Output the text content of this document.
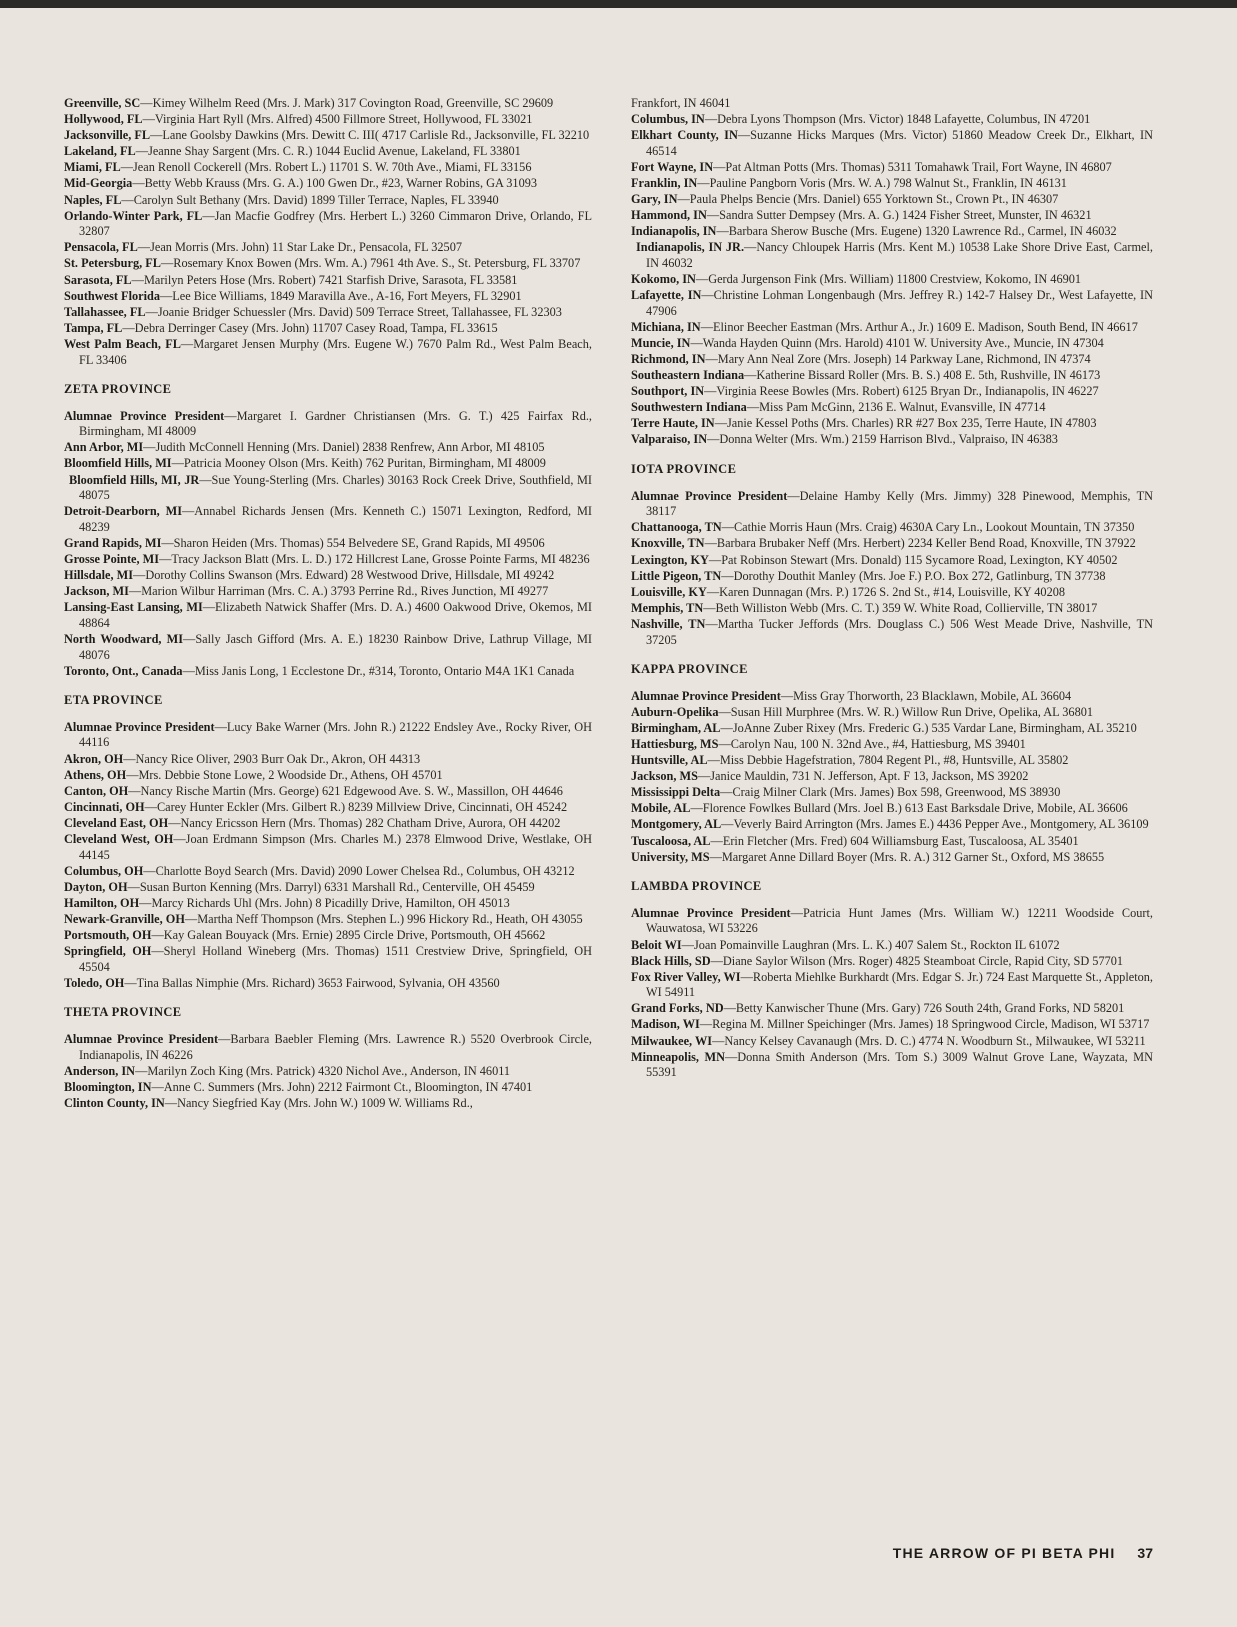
Greenville, SC—Kimey Wilhelm Reed (Mrs. J. Mark) 317 Covington Road, Greenville, SC 29609
Hollywood, FL—Virginia Hart Ryll (Mrs. Alfred) 4500 Fillmore Street, Hollywood, FL 33021
Jacksonville, FL—Lane Goolsby Dawkins (Mrs. Dewitt C. III( 4717 Carlisle Rd., Jacksonville, FL 32210
Lakeland, FL—Jeanne Shay Sargent (Mrs. C. R.) 1044 Euclid Avenue, Lakeland, FL 33801
Miami, FL—Jean Renoll Cockerell (Mrs. Robert L.) 11701 S. W. 70th Ave., Miami, FL 33156
Mid-Georgia—Betty Webb Krauss (Mrs. G. A.) 100 Gwen Dr., #23, Warner Robins, GA 31093
Naples, FL—Carolyn Sult Bethany (Mrs. David) 1899 Tiller Terrace, Naples, FL 33940
Orlando-Winter Park, FL—Jan Macfie Godfrey (Mrs. Herbert L.) 3260 Cimmaron Drive, Orlando, FL 32807
Pensacola, FL—Jean Morris (Mrs. John) 11 Star Lake Dr., Pensacola, FL 32507
St. Petersburg, FL—Rosemary Knox Bowen (Mrs. Wm. A.) 7961 4th Ave. S., St. Petersburg, FL 33707
Sarasota, FL—Marilyn Peters Hose (Mrs. Robert) 7421 Starfish Drive, Sarasota, FL 33581
Southwest Florida—Lee Bice Williams, 1849 Maravilla Ave., A-16, Fort Meyers, FL 32901
Tallahassee, FL—Joanie Bridger Schuessler (Mrs. David) 509 Terrace Street, Tallahassee, FL 32303
Tampa, FL—Debra Derringer Casey (Mrs. John) 11707 Casey Road, Tampa, FL 33615
West Palm Beach, FL—Margaret Jensen Murphy (Mrs. Eugene W.) 7670 Palm Rd., West Palm Beach, FL 33406
ZETA PROVINCE
Alumnae Province President—Margaret I. Gardner Christiansen (Mrs. G. T.) 425 Fairfax Rd., Birmingham, MI 48009
Ann Arbor, MI—Judith McConnell Henning (Mrs. Daniel) 2838 Renfrew, Ann Arbor, MI 48105
Bloomfield Hills, MI—Patricia Mooney Olson (Mrs. Keith) 762 Puritan, Birmingham, MI 48009
Bloomfield Hills, MI, JR—Sue Young-Sterling (Mrs. Charles) 30163 Rock Creek Drive, Southfield, MI 48075
Detroit-Dearborn, MI—Annabel Richards Jensen (Mrs. Kenneth C.) 15071 Lexington, Redford, MI 48239
Grand Rapids, MI—Sharon Heiden (Mrs. Thomas) 554 Belvedere SE, Grand Rapids, MI 49506
Grosse Pointe, MI—Tracy Jackson Blatt (Mrs. L. D.) 172 Hillcrest Lane, Grosse Pointe Farms, MI 48236
Hillsdale, MI—Dorothy Collins Swanson (Mrs. Edward) 28 Westwood Drive, Hillsdale, MI 49242
Jackson, MI—Marion Wilbur Harriman (Mrs. C. A.) 3793 Perrine Rd., Rives Junction, MI 49277
Lansing-East Lansing, MI—Elizabeth Natwick Shaffer (Mrs. D. A.) 4600 Oakwood Drive, Okemos, MI 48864
North Woodward, MI—Sally Jasch Gifford (Mrs. A. E.) 18230 Rainbow Drive, Lathrup Village, MI 48076
Toronto, Ont., Canada—Miss Janis Long, 1 Ecclestone Dr., #314, Toronto, Ontario M4A 1K1 Canada
ETA PROVINCE
Alumnae Province President—Lucy Bake Warner (Mrs. John R.) 21222 Endsley Ave., Rocky River, OH 44116
Akron, OH—Nancy Rice Oliver, 2903 Burr Oak Dr., Akron, OH 44313
Athens, OH—Mrs. Debbie Stone Lowe, 2 Woodside Dr., Athens, OH 45701
Canton, OH—Nancy Rische Martin (Mrs. George) 621 Edgewood Ave. S. W., Massillon, OH 44646
Cincinnati, OH—Carey Hunter Eckler (Mrs. Gilbert R.) 8239 Millview Drive, Cincinnati, OH 45242
Cleveland East, OH—Nancy Ericsson Hern (Mrs. Thomas) 282 Chatham Drive, Aurora, OH 44202
Cleveland West, OH—Joan Erdmann Simpson (Mrs. Charles M.) 2378 Elmwood Drive, Westlake, OH 44145
Columbus, OH—Charlotte Boyd Search (Mrs. David) 2090 Lower Chelsea Rd., Columbus, OH 43212
Dayton, OH—Susan Burton Kenning (Mrs. Darryl) 6331 Marshall Rd., Centerville, OH 45459
Hamilton, OH—Marcy Richards Uhl (Mrs. John) 8 Picadilly Drive, Hamilton, OH 45013
Newark-Granville, OH—Martha Neff Thompson (Mrs. Stephen L.) 996 Hickory Rd., Heath, OH 43055
Portsmouth, OH—Kay Galean Bouyack (Mrs. Ernie) 2895 Circle Drive, Portsmouth, OH 45662
Springfield, OH—Sheryl Holland Wineberg (Mrs. Thomas) 1511 Crestview Drive, Springfield, OH 45504
Toledo, OH—Tina Ballas Nimphie (Mrs. Richard) 3653 Fairwood, Sylvania, OH 43560
THETA PROVINCE
Alumnae Province President—Barbara Baebler Fleming (Mrs. Lawrence R.) 5520 Overbrook Circle, Indianapolis, IN 46226
Anderson, IN—Marilyn Zoch King (Mrs. Patrick) 4320 Nichol Ave., Anderson, IN 46011
Bloomington, IN—Anne C. Summers (Mrs. John) 2212 Fairmont Ct., Bloomington, IN 47401
Clinton County, IN—Nancy Siegfried Kay (Mrs. John W.) 1009 W. Williams Rd.,
Frankfort, IN 46041
Columbus, IN—Debra Lyons Thompson (Mrs. Victor) 1848 Lafayette, Columbus, IN 47201
Elkhart County, IN—Suzanne Hicks Marques (Mrs. Victor) 51860 Meadow Creek Dr., Elkhart, IN 46514
Fort Wayne, IN—Pat Altman Potts (Mrs. Thomas) 5311 Tomahawk Trail, Fort Wayne, IN 46807
Franklin, IN—Pauline Pangborn Voris (Mrs. W. A.) 798 Walnut St., Franklin, IN 46131
Gary, IN—Paula Phelps Bencie (Mrs. Daniel) 655 Yorktown St., Crown Pt., IN 46307
Hammond, IN—Sandra Sutter Dempsey (Mrs. A. G.) 1424 Fisher Street, Munster, IN 46321
Indianapolis, IN—Barbara Sherow Busche (Mrs. Eugene) 1320 Lawrence Rd., Carmel, IN 46032
Indianapolis, IN JR.—Nancy Chloupek Harris (Mrs. Kent M.) 10538 Lake Shore Drive East, Carmel, IN 46032
Kokomo, IN—Gerda Jurgenson Fink (Mrs. William) 11800 Crestview, Kokomo, IN 46901
Lafayette, IN—Christine Lohman Longenbaugh (Mrs. Jeffrey R.) 142-7 Halsey Dr., West Lafayette, IN 47906
Michiana, IN—Elinor Beecher Eastman (Mrs. Arthur A., Jr.) 1609 E. Madison, South Bend, IN 46617
Muncie, IN—Wanda Hayden Quinn (Mrs. Harold) 4101 W. University Ave., Muncie, IN 47304
Richmond, IN—Mary Ann Neal Zore (Mrs. Joseph) 14 Parkway Lane, Richmond, IN 47374
Southeastern Indiana—Katherine Bissard Roller (Mrs. B. S.) 408 E. 5th, Rushville, IN 46173
Southport, IN—Virginia Reese Bowles (Mrs. Robert) 6125 Bryan Dr., Indianapolis, IN 46227
Southwestern Indiana—Miss Pam McGinn, 2136 E. Walnut, Evansville, IN 47714
Terre Haute, IN—Janie Kessel Poths (Mrs. Charles) RR #27 Box 235, Terre Haute, IN 47803
Valparaiso, IN—Donna Welter (Mrs. Wm.) 2159 Harrison Blvd., Valpraiso, IN 46383
IOTA PROVINCE
Alumnae Province President—Delaine Hamby Kelly (Mrs. Jimmy) 328 Pinewood, Memphis, TN 38117
Chattanooga, TN—Cathie Morris Haun (Mrs. Craig) 4630A Cary Ln., Lookout Mountain, TN 37350
Knoxville, TN—Barbara Brubaker Neff (Mrs. Herbert) 2234 Keller Bend Road, Knoxville, TN 37922
Lexington, KY—Pat Robinson Stewart (Mrs. Donald) 115 Sycamore Road, Lexington, KY 40502
Little Pigeon, TN—Dorothy Douthit Manley (Mrs. Joe F.) P.O. Box 272, Gatlinburg, TN 37738
Louisville, KY—Karen Dunnagan (Mrs. P.) 1726 S. 2nd St., #14, Louisville, KY 40208
Memphis, TN—Beth Williston Webb (Mrs. C. T.) 359 W. White Road, Collierville, TN 38017
Nashville, TN—Martha Tucker Jeffords (Mrs. Douglass C.) 506 West Meade Drive, Nashville, TN 37205
KAPPA PROVINCE
Alumnae Province President—Miss Gray Thorworth, 23 Blacklawn, Mobile, AL 36604
Auburn-Opelika—Susan Hill Murphree (Mrs. W. R.) Willow Run Drive, Opelika, AL 36801
Birmingham, AL—JoAnne Zuber Rixey (Mrs. Frederic G.) 535 Vardar Lane, Birmingham, AL 35210
Hattiesburg, MS—Carolyn Nau, 100 N. 32nd Ave., #4, Hattiesburg, MS 39401
Huntsville, AL—Miss Debbie Hagefstration, 7804 Regent Pl., #8, Huntsville, AL 35802
Jackson, MS—Janice Mauldin, 731 N. Jefferson, Apt. F 13, Jackson, MS 39202
Mississippi Delta—Craig Milner Clark (Mrs. James) Box 598, Greenwood, MS 38930
Mobile, AL—Florence Fowlkes Bullard (Mrs. Joel B.) 613 East Barksdale Drive, Mobile, AL 36606
Montgomery, AL—Veverly Baird Arrington (Mrs. James E.) 4436 Pepper Ave., Montgomery, AL 36109
Tuscaloosa, AL—Erin Fletcher (Mrs. Fred) 604 Williamsburg East, Tuscaloosa, AL 35401
University, MS—Margaret Anne Dillard Boyer (Mrs. R. A.) 312 Garner St., Oxford, MS 38655
LAMBDA PROVINCE
Alumnae Province President—Patricia Hunt James (Mrs. William W.) 12211 Woodside Court, Wauwatosa, WI 53226
Beloit WI—Joan Pomainville Laughran (Mrs. L. K.) 407 Salem St., Rockton IL 61072
Black Hills, SD—Diane Saylor Wilson (Mrs. Roger) 4825 Steamboat Circle, Rapid City, SD 57701
Fox River Valley, WI—Roberta Miehlke Burkhardt (Mrs. Edgar S. Jr.) 724 East Marquette St., Appleton, WI 54911
Grand Forks, ND—Betty Kanwischer Thune (Mrs. Gary) 726 South 24th, Grand Forks, ND 58201
Madison, WI—Regina M. Millner Speichinger (Mrs. James) 18 Springwood Circle, Madison, WI 53717
Milwaukee, WI—Nancy Kelsey Cavanaugh (Mrs. D. C.) 4774 N. Woodburn St., Milwaukee, WI 53211
Minneapolis, MN—Donna Smith Anderson (Mrs. Tom S.) 3009 Walnut Grove Lane, Wayzata, MN 55391
THE ARROW OF PI BETA PHI 37
